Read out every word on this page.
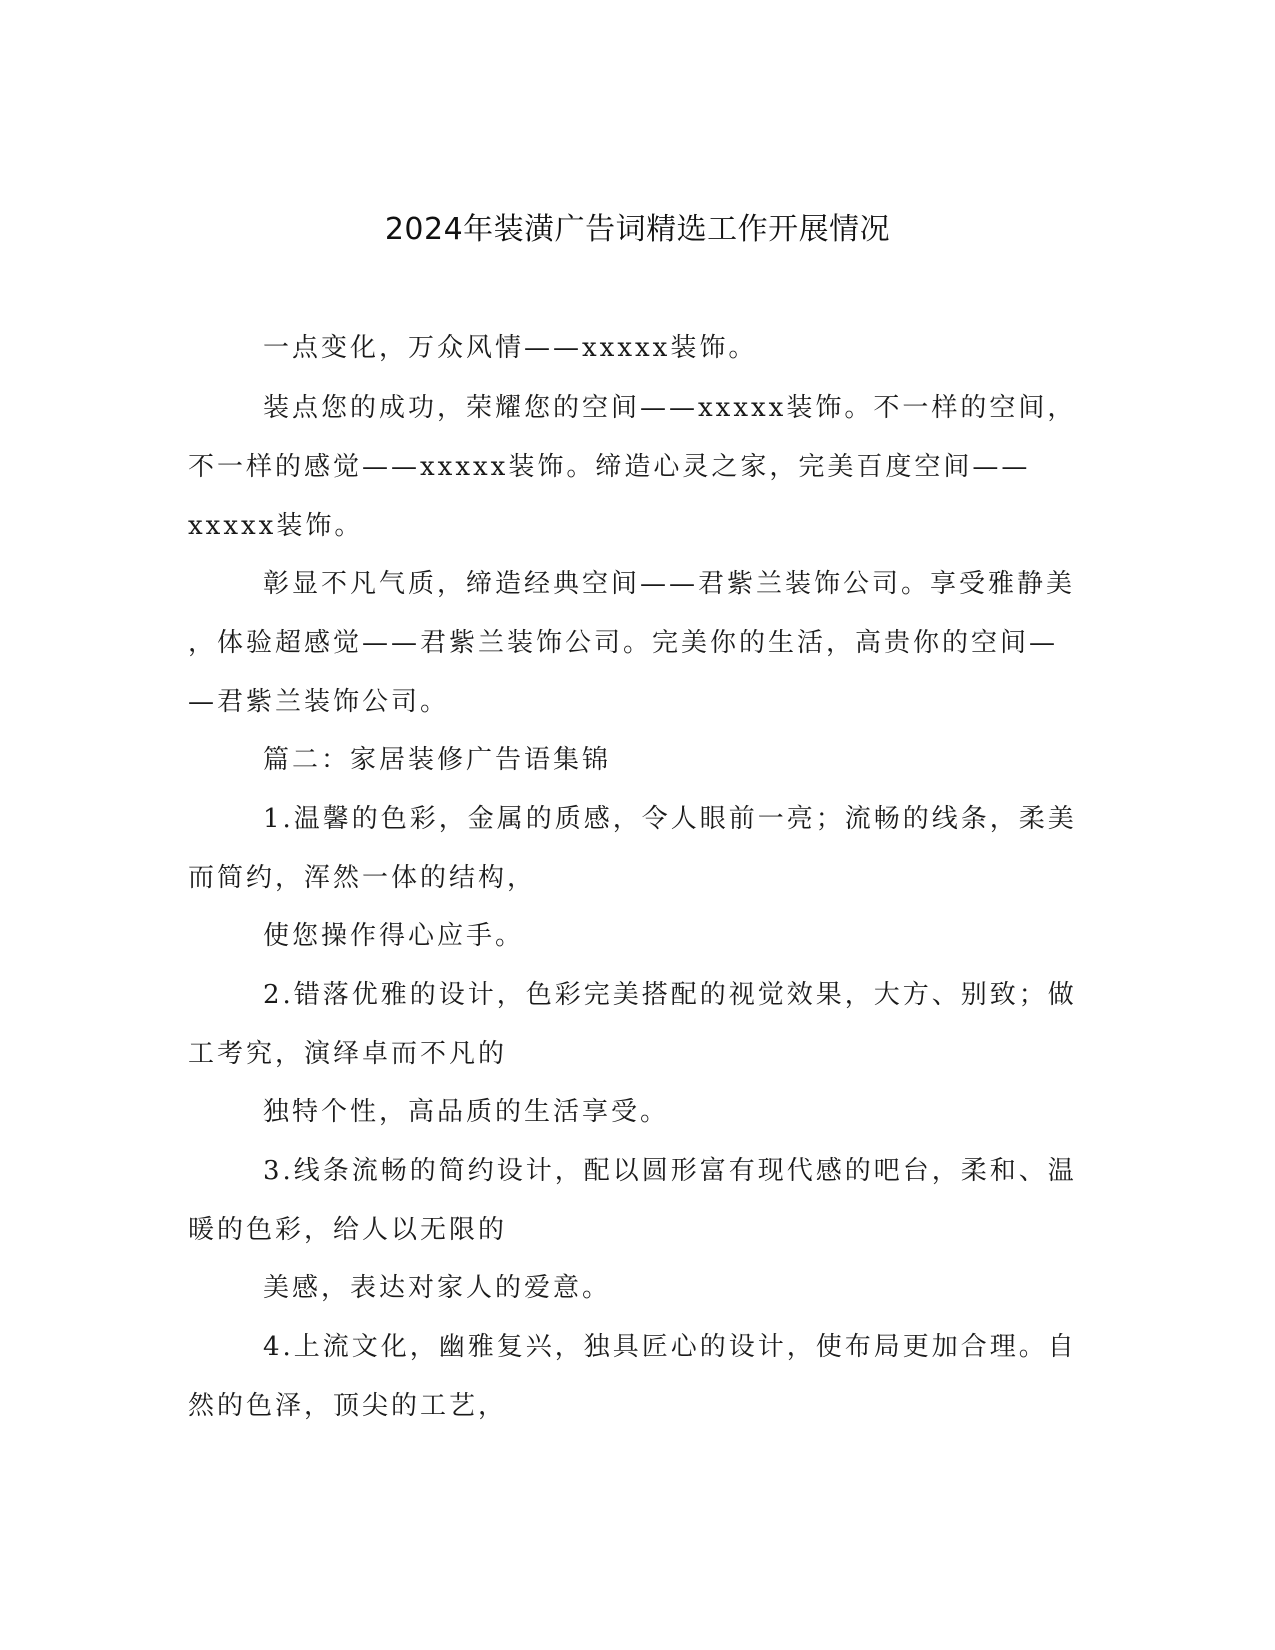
2024年装潢广告词精选工作开展情况
一点变化，万众风情——xxxxx装饰。
装点您的成功，荣耀您的空间——xxxxx装饰。不一样的空间，
不一样的感觉——xxxxx装饰。缔造心灵之家，完美百度空间——
xxxxx装饰。
彰显不凡气质，缔造经典空间——君紫兰装饰公司。享受雅静美
，体验超感觉——君紫兰装饰公司。完美你的生活，高贵你的空间—
—君紫兰装饰公司。
篇二：家居装修广告语集锦
1.温馨的色彩，金属的质感，令人眼前一亮；流畅的线条，柔美
而简约，浑然一体的结构，
使您操作得心应手。
2.错落优雅的设计，色彩完美搭配的视觉效果，大方、别致；做
工考究，演绎卓而不凡的
独特个性，高品质的生活享受。
3.线条流畅的简约设计，配以圆形富有现代感的吧台，柔和、温
暖的色彩，给人以无限的
美感，表达对家人的爱意。
4.上流文化，幽雅复兴，独具匠心的设计，使布局更加合理。自
然的色泽，顶尖的工艺，
